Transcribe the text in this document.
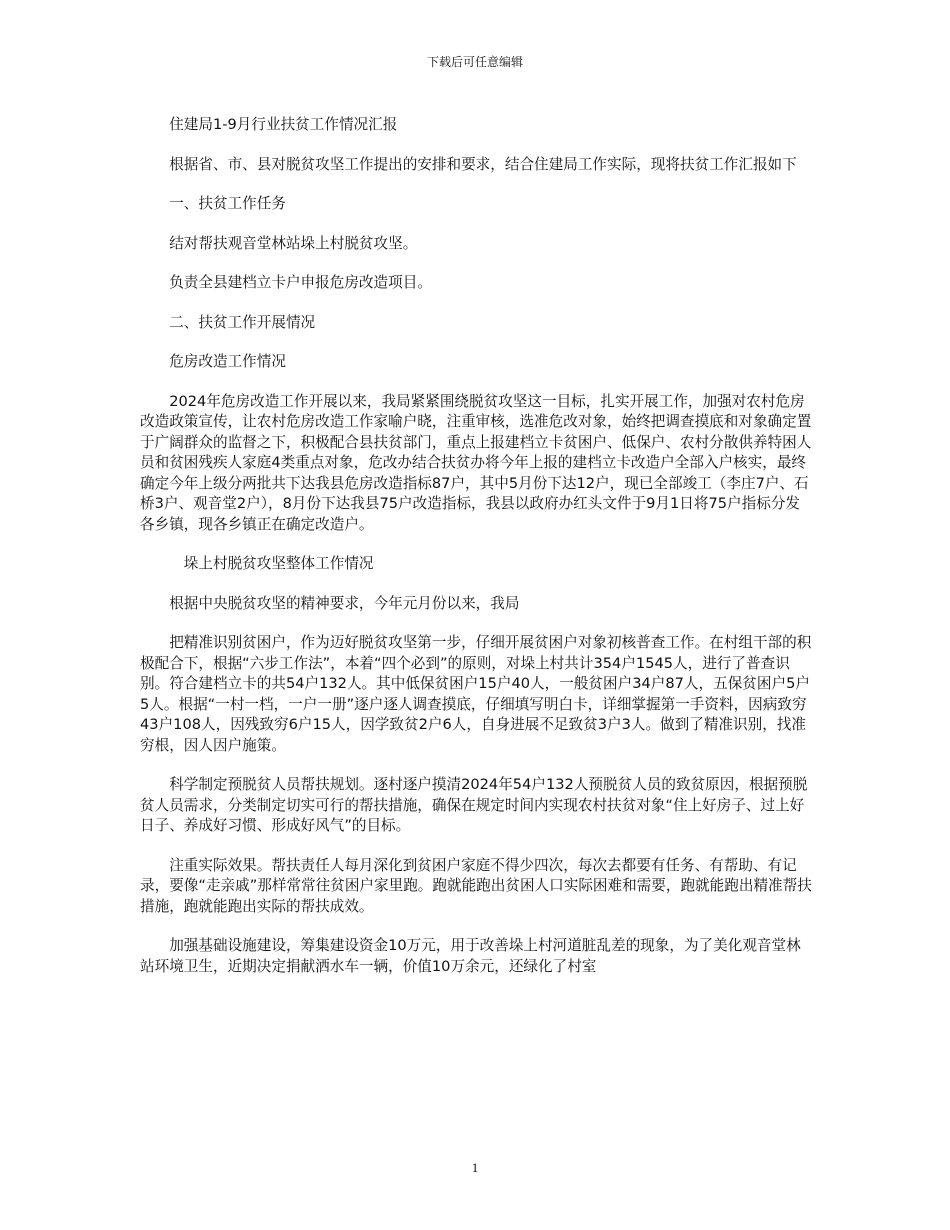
下载后可任意编辑

住建局1-9月行业扶贫工作情况汇报

根据省、市、县对脱贫攻坚工作提出的安排和要求，结合住建局工作实际，现将扶贫工作汇报如下

一、扶贫工作任务

结对帮扶观音堂林站垛上村脱贫攻坚。

负责全县建档立卡户申报危房改造项目。

二、扶贫工作开展情况

危房改造工作情况

2024年危房改造工作开展以来，我局紧紧围绕脱贫攻坚这一目标，扎实开展工作，加强对农村危房改造政策宣传，让农村危房改造工作家喻户晓，注重审核，选准危改对象，始终把调查摸底和对象确定置于广阔群众的监督之下，积极配合县扶贫部门，重点上报建档立卡贫困户、低保户、农村分散供养特困人员和贫困残疾人家庭4类重点对象，危改办结合扶贫办将今年上报的建档立卡改造户全部入户核实，最终确定今年上级分两批共下达我县危房改造指标87户，其中5月份下达12户，现已全部竣工（李庄7户、石桥3户、观音堂2户），8月份下达我县75户改造指标，我县以政府办红头文件于9月1日将75户指标分发各乡镇，现各乡镇正在确定改造户。

垛上村脱贫攻坚整体工作情况

根据中央脱贫攻坚的精神要求，今年元月份以来，我局

把精准识别贫困户，作为迈好脱贫攻坚第一步，仔细开展贫困户对象初核普查工作。在村组干部的积极配合下，根据“六步工作法”，本着“四个必到”的原则，对垛上村共计354户1545人，进行了普查识别。符合建档立卡的共54户132人。其中低保贫困户15户40人，一般贫困户34户87人，五保贫困户5户5人。根据“一村一档，一户一册”逐户逐人调查摸底，仔细填写明白卡，详细掌握第一手资料，因病致穷43户108人，因残致穷6户15人，因学致贫2户6人，自身进展不足致贫3户3人。做到了精准识别，找准穷根，因人因户施策。

科学制定预脱贫人员帮扶规划。逐村逐户摸清2024年54户132人预脱贫人员的致贫原因，根据预脱贫人员需求，分类制定切实可行的帮扶措施，确保在规定时间内实现农村扶贫对象“住上好房子、过上好日子、养成好习惯、形成好风气”的目标。

注重实际效果。帮扶责任人每月深化到贫困户家庭不得少四次，每次去都要有任务、有帮助、有记录，要像“走亲戚”那样常常往贫困户家里跑。跑就能跑出贫困人口实际困难和需要，跑就能跑出精准帮扶措施，跑就能跑出实际的帮扶成效。

加强基础设施建设，筹集建设资金10万元，用于改善垛上村河道脏乱差的现象，为了美化观音堂林站环境卫生，近期决定捐献洒水车一辆，价值10万余元，还绿化了村室

1
